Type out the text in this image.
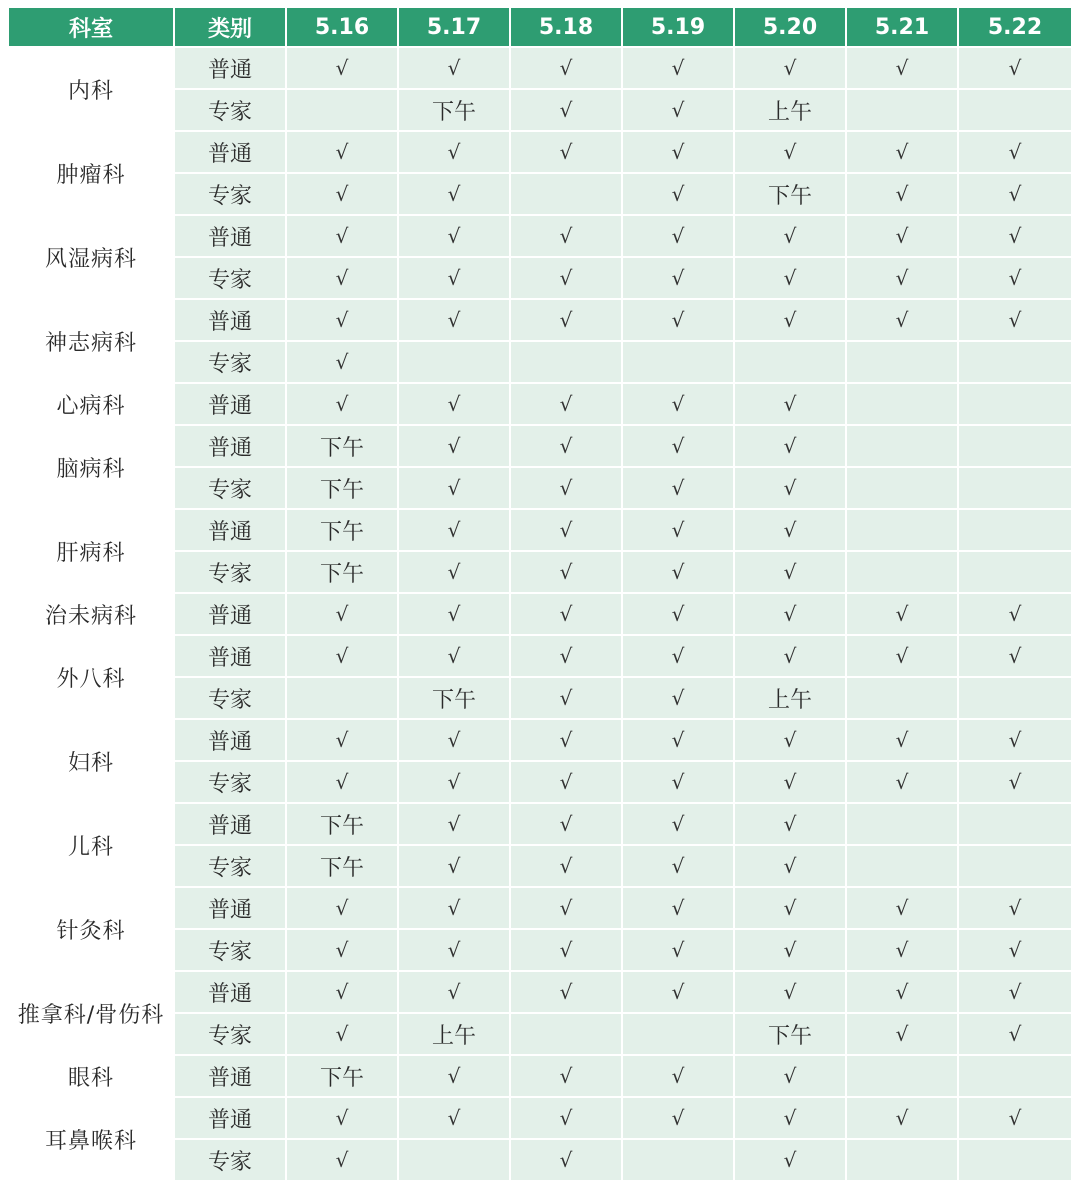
科室	类别	5.16	5.17	5.18	5.19	5.20	5.21	5.22
内科	普通	√	√	√	√	√	√	√
	专家		下午	√	√	上午		
肿瘤科	普通	√	√	√	√	√	√	√
	专家	√	√		√	下午	√	√
风湿病科	普通	√	√	√	√	√	√	√
	专家	√	√	√	√	√	√	√
神志病科	普通	√	√	√	√	√	√	√
	专家	√						
心病科	普通	√	√	√	√	√		
脑病科	普通	下午	√	√	√	√		
	专家	下午	√	√	√	√		
肝病科	普通	下午	√	√	√	√		
	专家	下午	√	√	√	√		
治未病科	普通	√	√	√	√	√	√	√
外八科	普通	√	√	√	√	√	√	√
	专家		下午	√	√	上午		
妇科	普通	√	√	√	√	√	√	√
	专家	√	√	√	√	√	√	√
儿科	普通	下午	√	√	√	√		
	专家	下午	√	√	√	√		
针灸科	普通	√	√	√	√	√	√	√
	专家	√	√	√	√	√	√	√
推拿科/骨伤科	普通	√	√	√	√	√	√	√
	专家	√	上午			下午	√	√
眼科	普通	下午	√	√	√	√		
耳鼻喉科	普通	√	√	√	√	√	√	√
	专家	√		√		√		
